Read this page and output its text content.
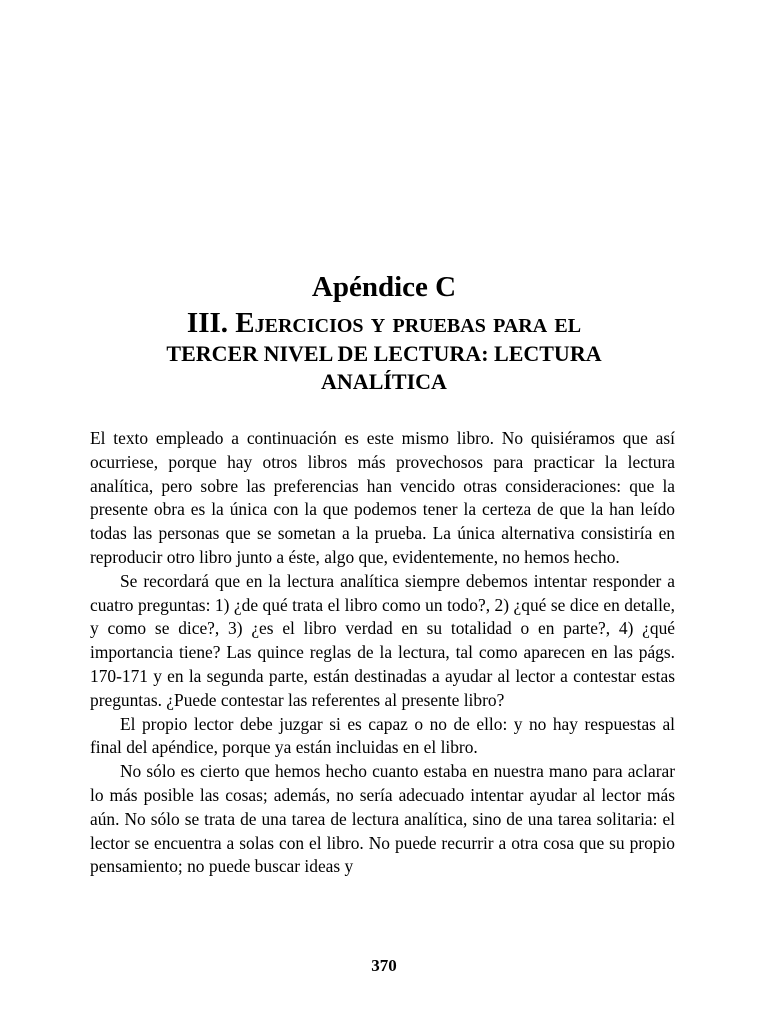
Apéndice C
III. Ejercicios y pruebas para el
TERCER NIVEL DE LECTURA: LECTURA
ANALÍTICA

El texto empleado a continuación es este mismo libro. No quisiéramos que así ocurriese, porque hay otros libros más provechosos para practicar la lectura analítica, pero sobre las preferencias han vencido otras consideraciones: que la presente obra es la única con la que podemos tener la certeza de que la han leído todas las personas que se sometan a la prueba. La única alternativa consistiría en reproducir otro libro junto a éste, algo que, evidentemente, no hemos hecho.

Se recordará que en la lectura analítica siempre debemos intentar responder a cuatro preguntas: 1) ¿de qué trata el libro como un todo?, 2) ¿qué se dice en detalle, y como se dice?, 3) ¿es el libro verdad en su totalidad o en parte?, 4) ¿qué importancia tiene? Las quince reglas de la lectura, tal como aparecen en las págs. 170-171 y en la segunda parte, están destinadas a ayudar al lector a contestar estas preguntas. ¿Puede contestar las referentes al presente libro?

El propio lector debe juzgar si es capaz o no de ello: y no hay respuestas al final del apéndice, porque ya están incluidas en el libro.

No sólo es cierto que hemos hecho cuanto estaba en nuestra mano para aclarar lo más posible las cosas; además, no sería adecuado intentar ayudar al lector más aún. No sólo se trata de una tarea de lectura analítica, sino de una tarea solitaria: el lector se encuentra a solas con el libro. No puede recurrir a otra cosa que su propio pensamiento; no puede buscar ideas y

370
